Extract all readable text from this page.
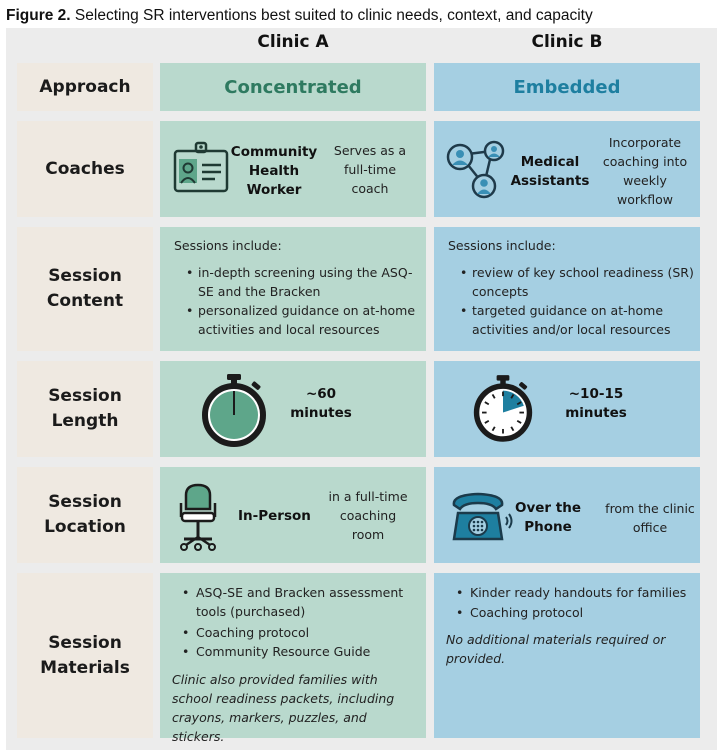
Figure 2. Selecting SR interventions best suited to clinic needs, context, and capacity
Clinic A	Clinic B
Approach
Coaches
Session Content
Session Length
Session Location
Session Materials
Concentrated	Embedded
Community Health Worker
Serves as a full-time coach
Medical Assistants
Incorporate coaching into weekly workflow
Sessions include:
• in-depth screening using the ASQ-SE and the Bracken
• personalized guidance on at-home activities and local resources
Sessions include:
• review of key school readiness (SR) concepts
• targeted guidance on at-home activities and/or local resources
~60 minutes
~10-15 minutes
In-Person
in a full-time coaching room
Over the Phone
from the clinic office
• ASQ-SE and Bracken assessment tools (purchased)
• Coaching protocol
• Community Resource Guide
Clinic also provided families with school readiness packets, including crayons, markers, puzzles, and stickers.
• Kinder ready handouts for families
• Coaching protocol
No additional materials required or provided.
